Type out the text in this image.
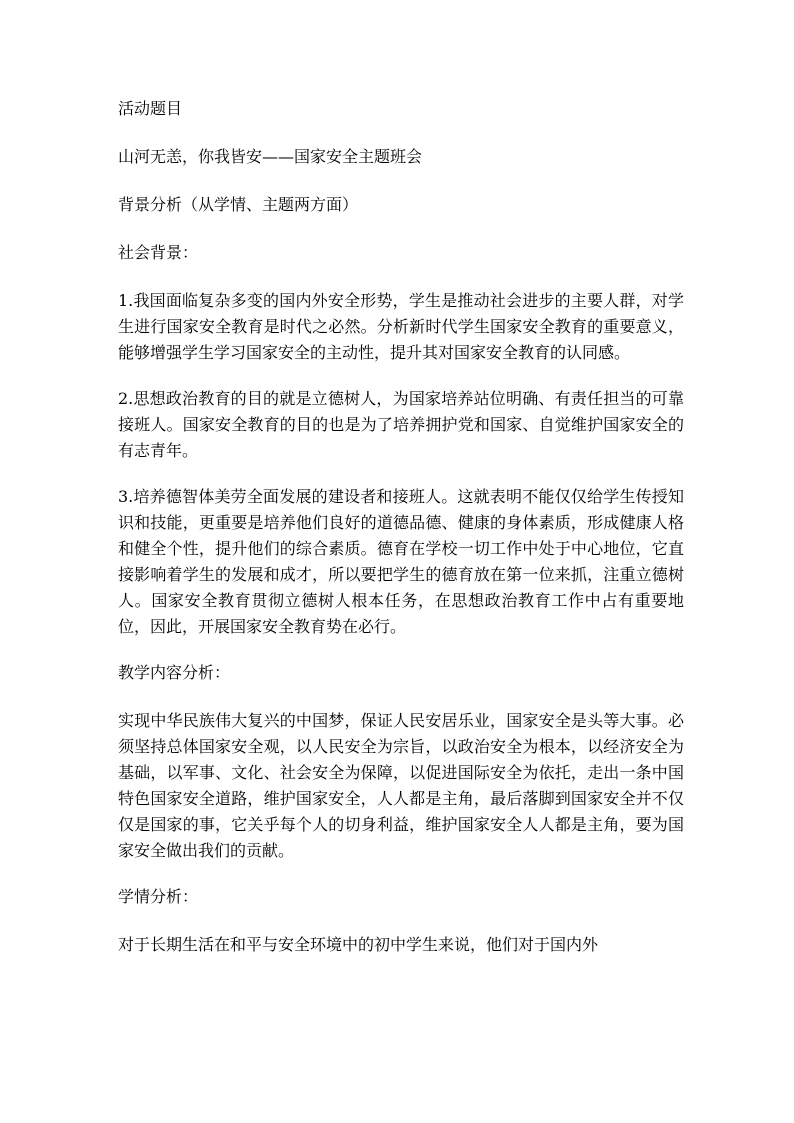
活动题目

山河无恙，你我皆安——国家安全主题班会

背景分析（从学情、主题两方面）

社会背景：

1.我国面临复杂多变的国内外安全形势，学生是推动社会进步的主要人群，对学生进行国家安全教育是时代之必然。分析新时代学生国家安全教育的重要意义，能够增强学生学习国家安全的主动性，提升其对国家安全教育的认同感。

2.思想政治教育的目的就是立德树人，为国家培养站位明确、有责任担当的可靠接班人。国家安全教育的目的也是为了培养拥护党和国家、自觉维护国家安全的有志青年。

3.培养德智体美劳全面发展的建设者和接班人。这就表明不能仅仅给学生传授知识和技能，更重要是培养他们良好的道德品德、健康的身体素质，形成健康人格和健全个性，提升他们的综合素质。德育在学校一切工作中处于中心地位，它直接影响着学生的发展和成才，所以要把学生的德育放在第一位来抓，注重立德树人。国家安全教育贯彻立德树人根本任务，在思想政治教育工作中占有重要地位，因此，开展国家安全教育势在必行。

教学内容分析：

实现中华民族伟大复兴的中国梦，保证人民安居乐业，国家安全是头等大事。必须坚持总体国家安全观，以人民安全为宗旨，以政治安全为根本，以经济安全为基础，以军事、文化、社会安全为保障，以促进国际安全为依托，走出一条中国特色国家安全道路，维护国家安全，人人都是主角，最后落脚到国家安全并不仅仅是国家的事，它关乎每个人的切身利益，维护国家安全人人都是主角，要为国家安全做出我们的贡献。

学情分析：

对于长期生活在和平与安全环境中的初中学生来说，他们对于国内外
